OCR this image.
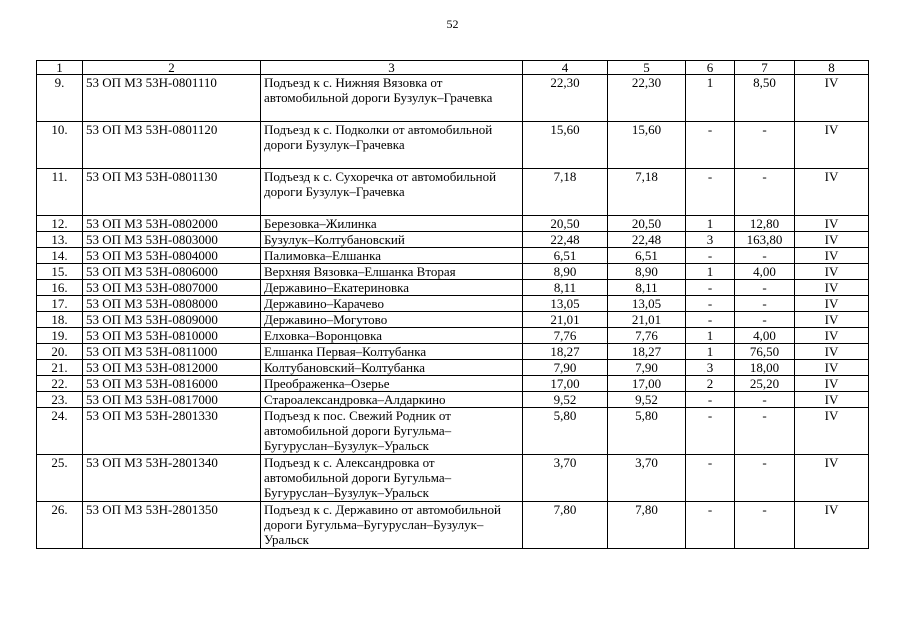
52
1	2	3	4	5	6	7	8
9.	53 ОП МЗ 53Н-0801110	Подъезд к с. Нижняя Вязовка от автомобильной дороги Бузулук–Грачевка	22,30	22,30	1	8,50	IV
10.	53 ОП МЗ 53Н-0801120	Подъезд к с. Подколки от автомобильной дороги Бузулук–Грачевка	15,60	15,60	-	-	IV
11.	53 ОП МЗ 53Н-0801130	Подъезд к с. Сухоречка от автомобильной дороги Бузулук–Грачевка	7,18	7,18	-	-	IV
12.	53 ОП МЗ 53Н-0802000	Березовка–Жилинка	20,50	20,50	1	12,80	IV
13.	53 ОП МЗ 53Н-0803000	Бузулук–Колтубановский	22,48	22,48	3	163,80	IV
14.	53 ОП МЗ 53Н-0804000	Палимовка–Елшанка	6,51	6,51	-	-	IV
15.	53 ОП МЗ 53Н-0806000	Верхняя Вязовка–Елшанка Вторая	8,90	8,90	1	4,00	IV
16.	53 ОП МЗ 53Н-0807000	Державино–Екатериновка	8,11	8,11	-	-	IV
17.	53 ОП МЗ 53Н-0808000	Державино–Карачево	13,05	13,05	-	-	IV
18.	53 ОП МЗ 53Н-0809000	Державино–Могутово	21,01	21,01	-	-	IV
19.	53 ОП МЗ 53Н-0810000	Елховка–Воронцовка	7,76	7,76	1	4,00	IV
20.	53 ОП МЗ 53Н-0811000	Елшанка Первая–Колтубанка	18,27	18,27	1	76,50	IV
21.	53 ОП МЗ 53Н-0812000	Колтубановский–Колтубанка	7,90	7,90	3	18,00	IV
22.	53 ОП МЗ 53Н-0816000	Преображенка–Озерье	17,00	17,00	2	25,20	IV
23.	53 ОП МЗ 53Н-0817000	Староалександровка–Алдаркино	9,52	9,52	-	-	IV
24.	53 ОП МЗ 53Н-2801330	Подъезд к пос. Свежий Родник от автомобильной дороги Бугульма–Бугуруслан–Бузулук–Уральск	5,80	5,80	-	-	IV
25.	53 ОП МЗ 53Н-2801340	Подъезд к с. Александровка от автомобильной дороги Бугульма–Бугуруслан–Бузулук–Уральск	3,70	3,70	-	-	IV
26.	53 ОП МЗ 53Н-2801350	Подъезд к с. Державино от автомобильной дороги Бугульма–Бугуруслан–Бузулук–Уральск	7,80	7,80	-	-	IV
